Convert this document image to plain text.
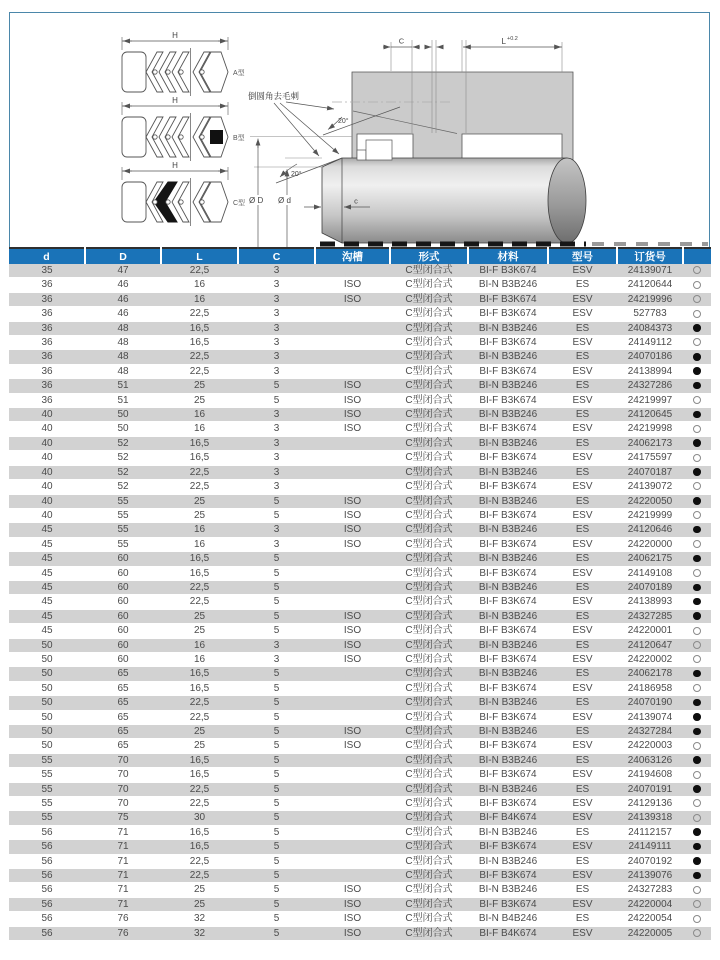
H
A型
H
B型
H
C型
C	L +0.2
Ø D Ø d
20°
20°
c
倒圆角去毛刺
d	D	L	C	沟槽	形式	材料	型号	订货号	
35	47	22,5	3		C型闭合式	BI-F B3K674	ESV	24139071	
36	46	16	3	ISO	C型闭合式	BI-N B3B246	ES	24120644	
36	46	16	3	ISO	C型闭合式	BI-F B3K674	ESV	24219996	
36	46	22,5	3		C型闭合式	BI-F B3K674	ESV	527783	
36	48	16,5	3		C型闭合式	BI-N B3B246	ES	24084373	
36	48	16,5	3		C型闭合式	BI-F B3K674	ESV	24149112	
36	48	22,5	3		C型闭合式	BI-N B3B246	ES	24070186	
36	48	22,5	3		C型闭合式	BI-F B3K674	ESV	24138994	
36	51	25	5	ISO	C型闭合式	BI-N B3B246	ES	24327286	
36	51	25	5	ISO	C型闭合式	BI-F B3K674	ESV	24219997	
40	50	16	3	ISO	C型闭合式	BI-N B3B246	ES	24120645	
40	50	16	3	ISO	C型闭合式	BI-F B3K674	ESV	24219998	
40	52	16,5	3		C型闭合式	BI-N B3B246	ES	24062173	
40	52	16,5	3		C型闭合式	BI-F B3K674	ESV	24175597	
40	52	22,5	3		C型闭合式	BI-N B3B246	ES	24070187	
40	52	22,5	3		C型闭合式	BI-F B3K674	ESV	24139072	
40	55	25	5	ISO	C型闭合式	BI-N B3B246	ES	24220050	
40	55	25	5	ISO	C型闭合式	BI-F B3K674	ESV	24219999	
45	55	16	3	ISO	C型闭合式	BI-N B3B246	ES	24120646	
45	55	16	3	ISO	C型闭合式	BI-F B3K674	ESV	24220000	
45	60	16,5	5		C型闭合式	BI-N B3B246	ES	24062175	
45	60	16,5	5		C型闭合式	BI-F B3K674	ESV	24149108	
45	60	22,5	5		C型闭合式	BI-N B3B246	ES	24070189	
45	60	22,5	5		C型闭合式	BI-F B3K674	ESV	24138993	
45	60	25	5	ISO	C型闭合式	BI-N B3B246	ES	24327285	
45	60	25	5	ISO	C型闭合式	BI-F B3K674	ESV	24220001	
50	60	16	3	ISO	C型闭合式	BI-N B3B246	ES	24120647	
50	60	16	3	ISO	C型闭合式	BI-F B3K674	ESV	24220002	
50	65	16,5	5		C型闭合式	BI-N B3B246	ES	24062178	
50	65	16,5	5		C型闭合式	BI-F B3K674	ESV	24186958	
50	65	22,5	5		C型闭合式	BI-N B3B246	ES	24070190	
50	65	22,5	5		C型闭合式	BI-F B3K674	ESV	24139074	
50	65	25	5	ISO	C型闭合式	BI-N B3B246	ES	24327284	
50	65	25	5	ISO	C型闭合式	BI-F B3K674	ESV	24220003	
55	70	16,5	5		C型闭合式	BI-N B3B246	ES	24063126	
55	70	16,5	5		C型闭合式	BI-F B3K674	ESV	24194608	
55	70	22,5	5		C型闭合式	BI-N B3B246	ES	24070191	
55	70	22,5	5		C型闭合式	BI-F B3K674	ESV	24129136	
55	75	30	5		C型闭合式	BI-F B4K674	ESV	24139318	
56	71	16,5	5		C型闭合式	BI-N B3B246	ES	24112157	
56	71	16,5	5		C型闭合式	BI-F B3K674	ESV	24149111	
56	71	22,5	5		C型闭合式	BI-N B3B246	ES	24070192	
56	71	22,5	5		C型闭合式	BI-F B3K674	ESV	24139076	
56	71	25	5	ISO	C型闭合式	BI-N B3B246	ES	24327283	
56	71	25	5	ISO	C型闭合式	BI-F B3K674	ESV	24220004	
56	76	32	5	ISO	C型闭合式	BI-N B4B246	ES	24220054	
56	76	32	5	ISO	C型闭合式	BI-F B4K674	ESV	24220005	
